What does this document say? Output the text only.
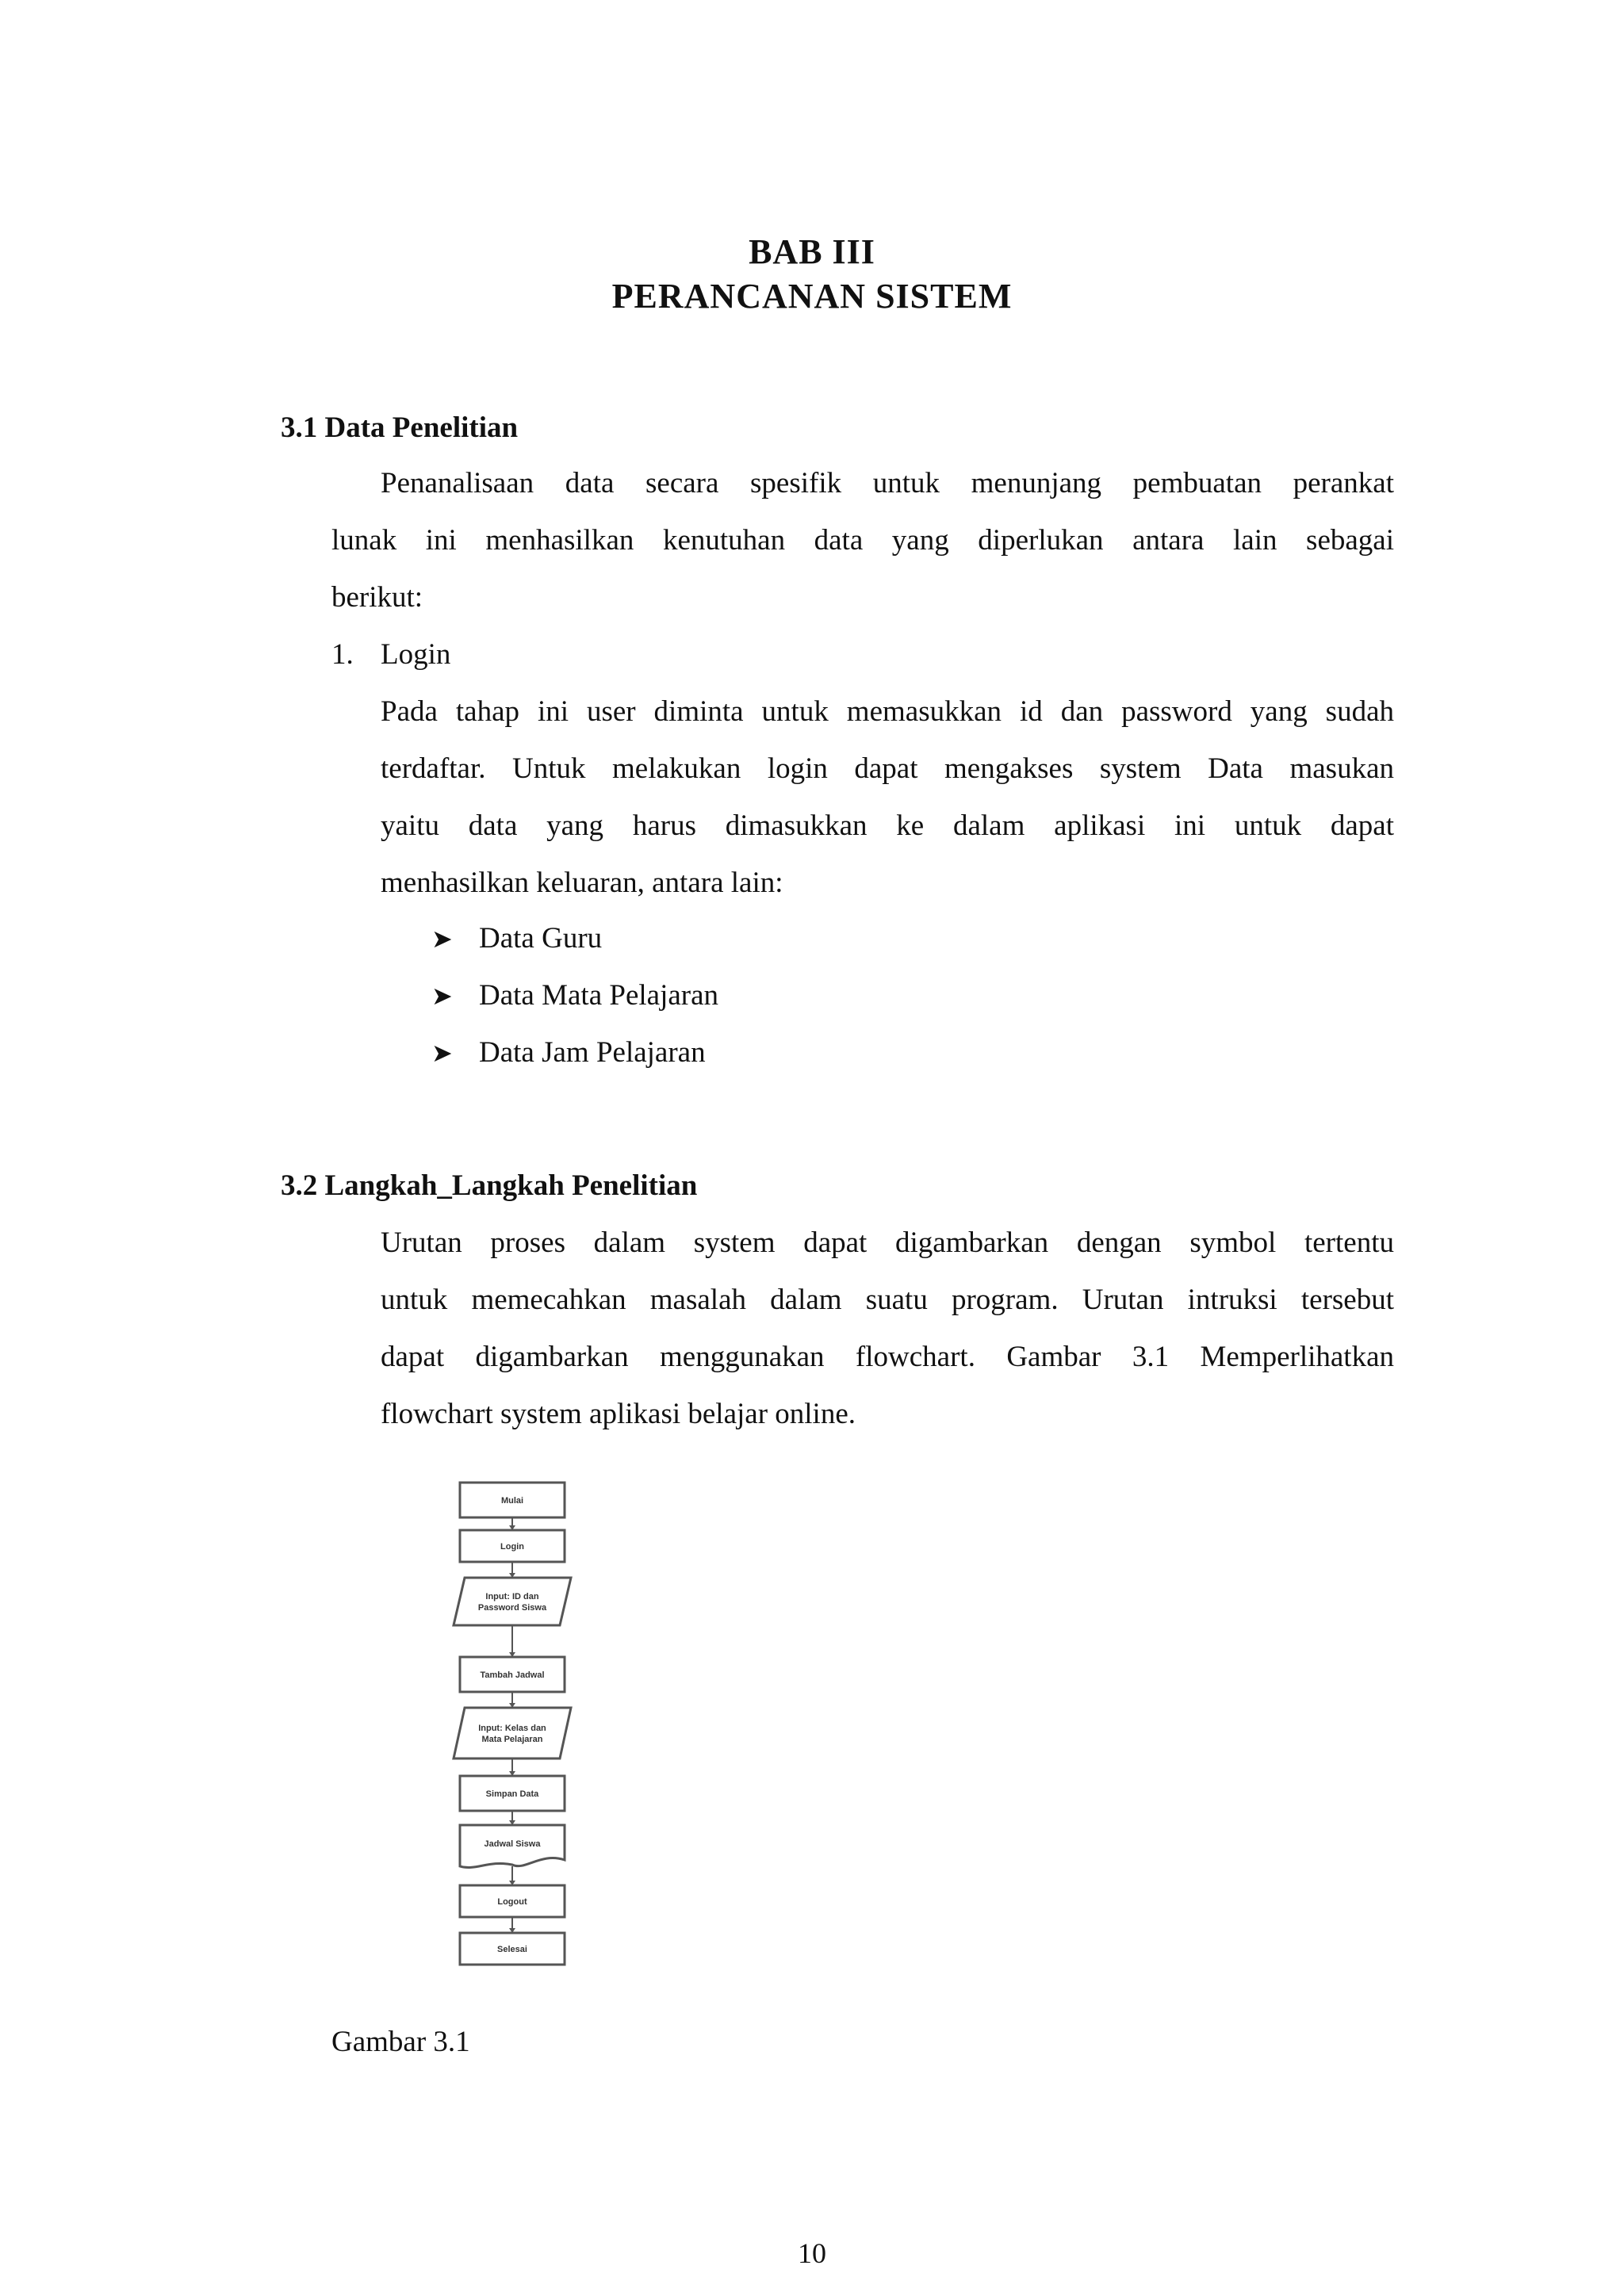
BAB III
PERANCANAN SISTEM
3.1 Data Penelitian
Penanalisaan data secara spesifik untuk menunjang pembuatan perankat
lunak ini menhasilkan kenutuhan data yang diperlukan antara lain sebagai
berikut:
1. Login
Pada tahap ini user diminta untuk memasukkan id dan password yang sudah
terdaftar. Untuk melakukan login dapat mengakses system Data masukan
yaitu data yang harus dimasukkan ke dalam aplikasi ini untuk dapat
menhasilkan keluaran, antara lain:
➤ Data Guru
➤ Data Mata Pelajaran
➤ Data Jam Pelajaran
3.2 Langkah_Langkah Penelitian
Urutan proses dalam system dapat digambarkan dengan symbol tertentu
untuk memecahkan masalah dalam suatu program. Urutan intruksi tersebut
dapat digambarkan menggunakan flowchart. Gambar 3.1 Memperlihatkan
flowchart system aplikasi belajar online.
Mulai
Login
Input: ID dan
Password Siswa
Tambah Jadwal
Input: Kelas dan
Mata Pelajaran
Simpan Data
Jadwal Siswa
Logout
Selesai
Gambar 3.1
10
